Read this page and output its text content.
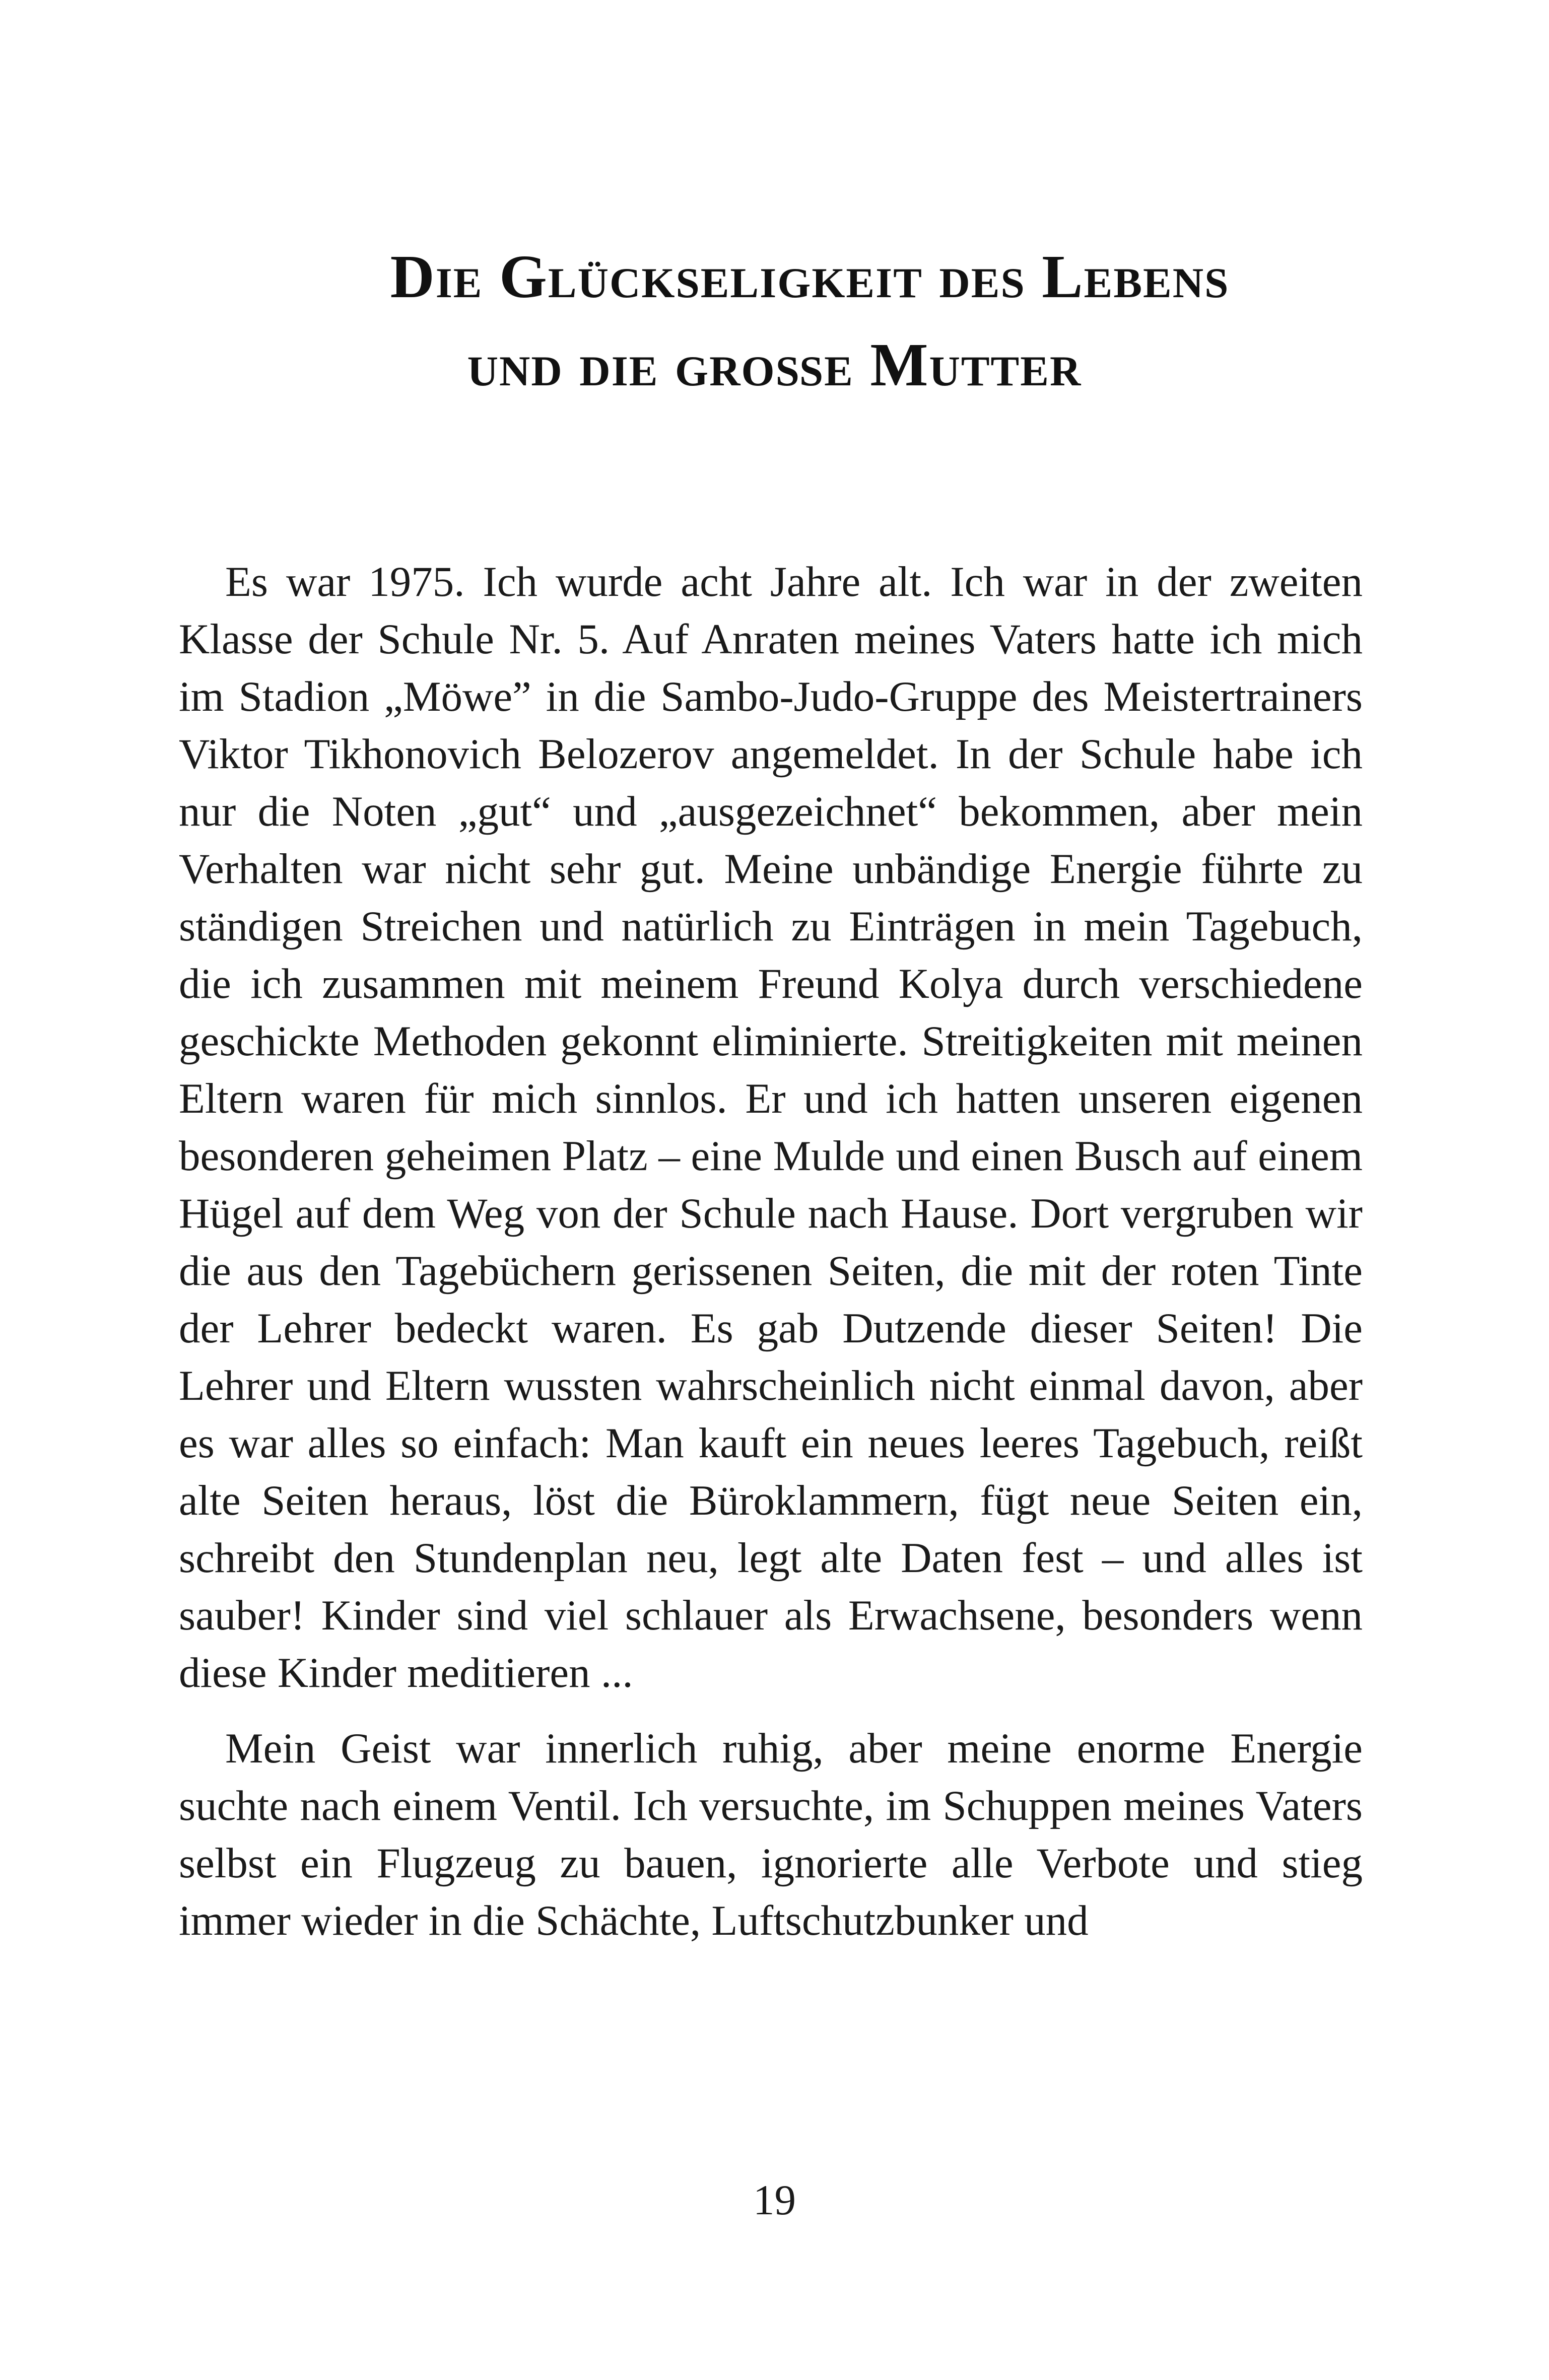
Die Glückseligkeit des Lebens
und die große Mutter

Es war 1975. Ich wurde acht Jahre alt. Ich war in der zweiten Klasse der Schule Nr. 5. Auf Anraten meines Vaters hatte ich mich im Stadion „Möwe” in die Sambo-Judo-Gruppe des Meistertrainers Viktor Tikhonovich Belozerov angemeldet. In der Schule habe ich nur die Noten „gut“ und „ausgezeichnet“ bekommen, aber mein Verhalten war nicht sehr gut. Meine unbändige Energie führte zu ständigen Streichen und natürlich zu Einträgen in mein Tagebuch, die ich zusammen mit meinem Freund Kolya durch verschiedene geschickte Methoden gekonnt eliminierte. Streitigkeiten mit meinen Eltern waren für mich sinnlos. Er und ich hatten unseren eigenen besonderen geheimen Platz – eine Mulde und einen Busch auf einem Hügel auf dem Weg von der Schule nach Hause. Dort vergruben wir die aus den Tagebüchern gerissenen Seiten, die mit der roten Tinte der Lehrer bedeckt waren. Es gab Dutzende dieser Seiten! Die Lehrer und Eltern wussten wahrscheinlich nicht einmal davon, aber es war alles so einfach: Man kauft ein neues leeres Tagebuch, reißt alte Seiten heraus, löst die Büroklammern, fügt neue Seiten ein, schreibt den Stundenplan neu, legt alte Daten fest – und alles ist sauber! Kinder sind viel schlauer als Erwachsene, besonders wenn diese Kinder meditieren ...

Mein Geist war innerlich ruhig, aber meine enorme Energie suchte nach einem Ventil. Ich versuchte, im Schuppen meines Vaters selbst ein Flugzeug zu bauen, ignorierte alle Verbote und stieg immer wieder in die Schächte, Luftschutzbunker und

19
